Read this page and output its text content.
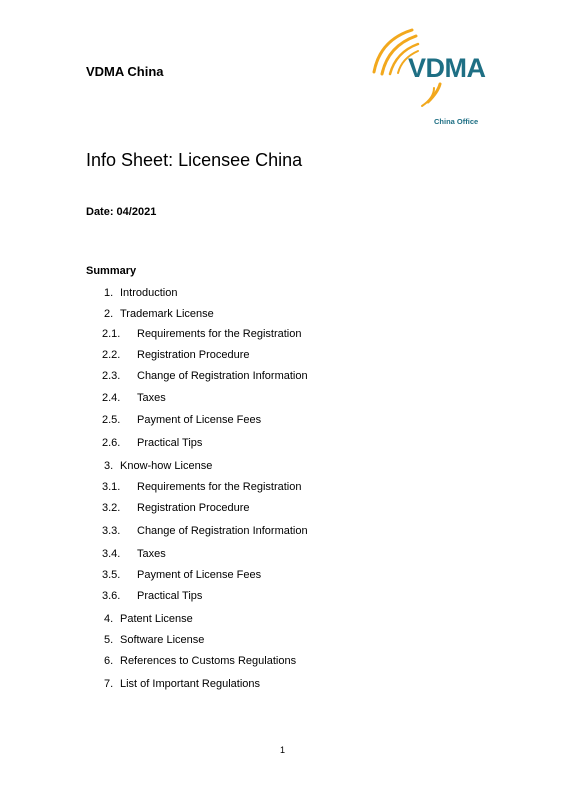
VDMA China	VDMA
China Office
Info Sheet: Licensee China
Date: 04/2021
Summary
1. Introduction
2. Trademark License
2.1. Requirements for the Registration
2.2. Registration Procedure
2.3. Change of Registration Information
2.4. Taxes
2.5. Payment of License Fees
2.6. Practical Tips
3. Know-how License
3.1. Requirements for the Registration
3.2. Registration Procedure
3.3. Change of Registration Information
3.4. Taxes
3.5. Payment of License Fees
3.6. Practical Tips
4. Patent License
5. Software License
6. References to Customs Regulations
7. List of Important Regulations
1
